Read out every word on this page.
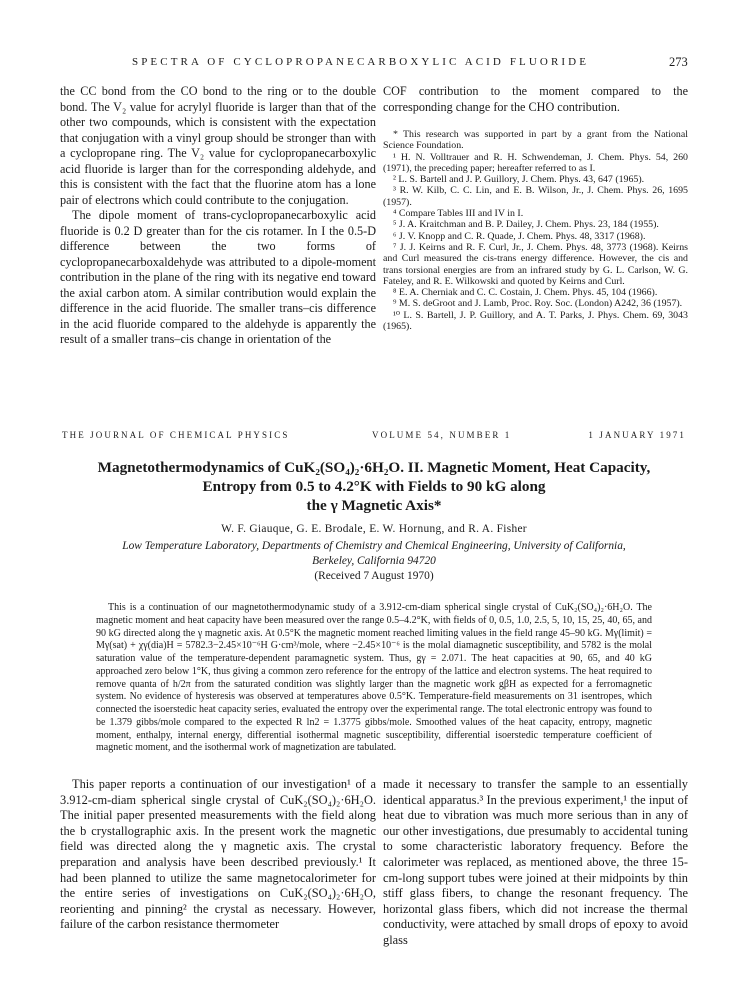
SPECTRA OF CYCLOPROPANECARBOXYLIC ACID FLUORIDE	273

the CC bond from the CO bond to the ring or to the double bond. The V₂ value for acrylyl fluoride is larger than that of the other two compounds, which is consistent with the expectation that conjugation with a vinyl group should be stronger than with a cyclopropane ring. The V₂ value for cyclopropanecarboxylic acid fluoride is larger than for the corresponding aldehyde, and this is consistent with the fact that the fluorine atom has a lone pair of electrons which could contribute to the conjugation.

The dipole moment of trans-cyclopropanecarboxylic acid fluoride is 0.2 D greater than for the cis rotamer. In I the 0.5-D difference between the two forms of cyclopropanecarboxaldehyde was attributed to a dipole-moment contribution in the plane of the ring with its negative end toward the axial carbon atom. A similar contribution would explain the difference in the acid fluoride. The smaller trans–cis difference in the acid fluoride compared to the aldehyde is apparently the result of a smaller trans–cis change in orientation of the

COF contribution to the moment compared to the corresponding change for the CHO contribution.

* This research was supported in part by a grant from the National Science Foundation.
¹ H. N. Volltrauer and R. H. Schwendeman, J. Chem. Phys. 54, 260 (1971), the preceding paper; hereafter referred to as I.
² L. S. Bartell and J. P. Guillory, J. Chem. Phys. 43, 647 (1965).
³ R. W. Kilb, C. C. Lin, and E. B. Wilson, Jr., J. Chem. Phys. 26, 1695 (1957).
⁴ Compare Tables III and IV in I.
⁵ J. A. Kraitchman and B. P. Dailey, J. Chem. Phys. 23, 184 (1955).
⁶ J. V. Knopp and C. R. Quade, J. Chem. Phys. 48, 3317 (1968).
⁷ J. J. Keirns and R. F. Curl, Jr., J. Chem. Phys. 48, 3773 (1968). Keirns and Curl measured the cis-trans energy difference. However, the cis and trans torsional energies are from an infrared study by G. L. Carlson, W. G. Fateley, and R. E. Wilkowski and quoted by Keirns and Curl.
⁸ E. A. Cherniak and C. C. Costain, J. Chem. Phys. 45, 104 (1966).
⁹ M. S. deGroot and J. Lamb, Proc. Roy. Soc. (London) A242, 36 (1957).
¹⁰ L. S. Bartell, J. P. Guillory, and A. T. Parks, J. Phys. Chem. 69, 3043 (1965).
THE JOURNAL OF CHEMICAL PHYSICS	VOLUME 54, NUMBER 1	1 JANUARY 1971
Magnetothermodynamics of CuK₂(SO₄)₂·6H₂O. II. Magnetic Moment, Heat Capacity,
Entropy from 0.5 to 4.2°K with Fields to 90 kG along
the γ Magnetic Axis*
W. F. Giauque, G. E. Brodale, E. W. Hornung, and R. A. Fisher
Low Temperature Laboratory, Departments of Chemistry and Chemical Engineering, University of California,
Berkeley, California 94720
(Received 7 August 1970)

This is a continuation of our magnetothermodynamic study of a 3.912-cm-diam spherical single crystal of CuK₂(SO₄)₂·6H₂O. The magnetic moment and heat capacity have been measured over the range 0.5–4.2°K, with fields of 0, 0.5, 1.0, 2.5, 5, 10, 15, 25, 40, 65, and 90 kG directed along the γ magnetic axis. At 0.5°K the magnetic moment reached limiting values in the field range 45–90 kG. Mγ(limit) = Mγ(sat) + χγ(dia)H = 5782.3−2.45×10⁻⁶H G·cm³/mole, where −2.45×10⁻⁶ is the molal diamagnetic susceptibility, and 5782 is the molal saturation value of the temperature-dependent paramagnetic system. Thus, gγ = 2.071. The heat capacities at 90, 65, and 40 kG approached zero below 1°K, thus giving a common zero reference for the entropy of the lattice and electron systems. The heat required to remove quanta of h/2π from the saturated condition was slightly larger than the magnetic work gβH as expected for a ferromagnetic system. No evidence of hysteresis was observed at temperatures above 0.5°K. Temperature-field measurements on 31 isentropes, which connected the isoerstedic heat capacity series, evaluated the entropy over the experimental range. The total electronic entropy was found to be 1.379 gibbs/mole compared to the expected R ln2 = 1.3775 gibbs/mole. Smoothed values of the heat capacity, entropy, magnetic moment, enthalpy, internal energy, differential isothermal magnetic susceptibility, differential isoerstedic temperature coefficient of magnetic moment, and the isothermal work of magnetization are tabulated.

This paper reports a continuation of our investigation¹ of a 3.912-cm-diam spherical single crystal of CuK₂(SO₄)₂·6H₂O. The initial paper presented measurements with the field along the b crystallographic axis. In the present work the magnetic field was directed along the γ magnetic axis. The crystal preparation and analysis have been described previously.¹ It had been planned to utilize the same magnetocalorimeter for the entire series of investigations on CuK₂(SO₄)₂·6H₂O, reorienting and pinning² the crystal as necessary. However, failure of the carbon resistance thermometer

made it necessary to transfer the sample to an essentially identical apparatus.³ In the previous experiment,¹ the input of heat due to vibration was much more serious than in any of our other investigations, due presumably to accidental tuning to some characteristic laboratory frequency. Before the calorimeter was replaced, as mentioned above, the three 15-cm-long support tubes were joined at their midpoints by thin stiff glass fibers, to change the resonant frequency. The horizontal glass fibers, which did not increase the thermal conductivity, were attached by small drops of epoxy to avoid glass
